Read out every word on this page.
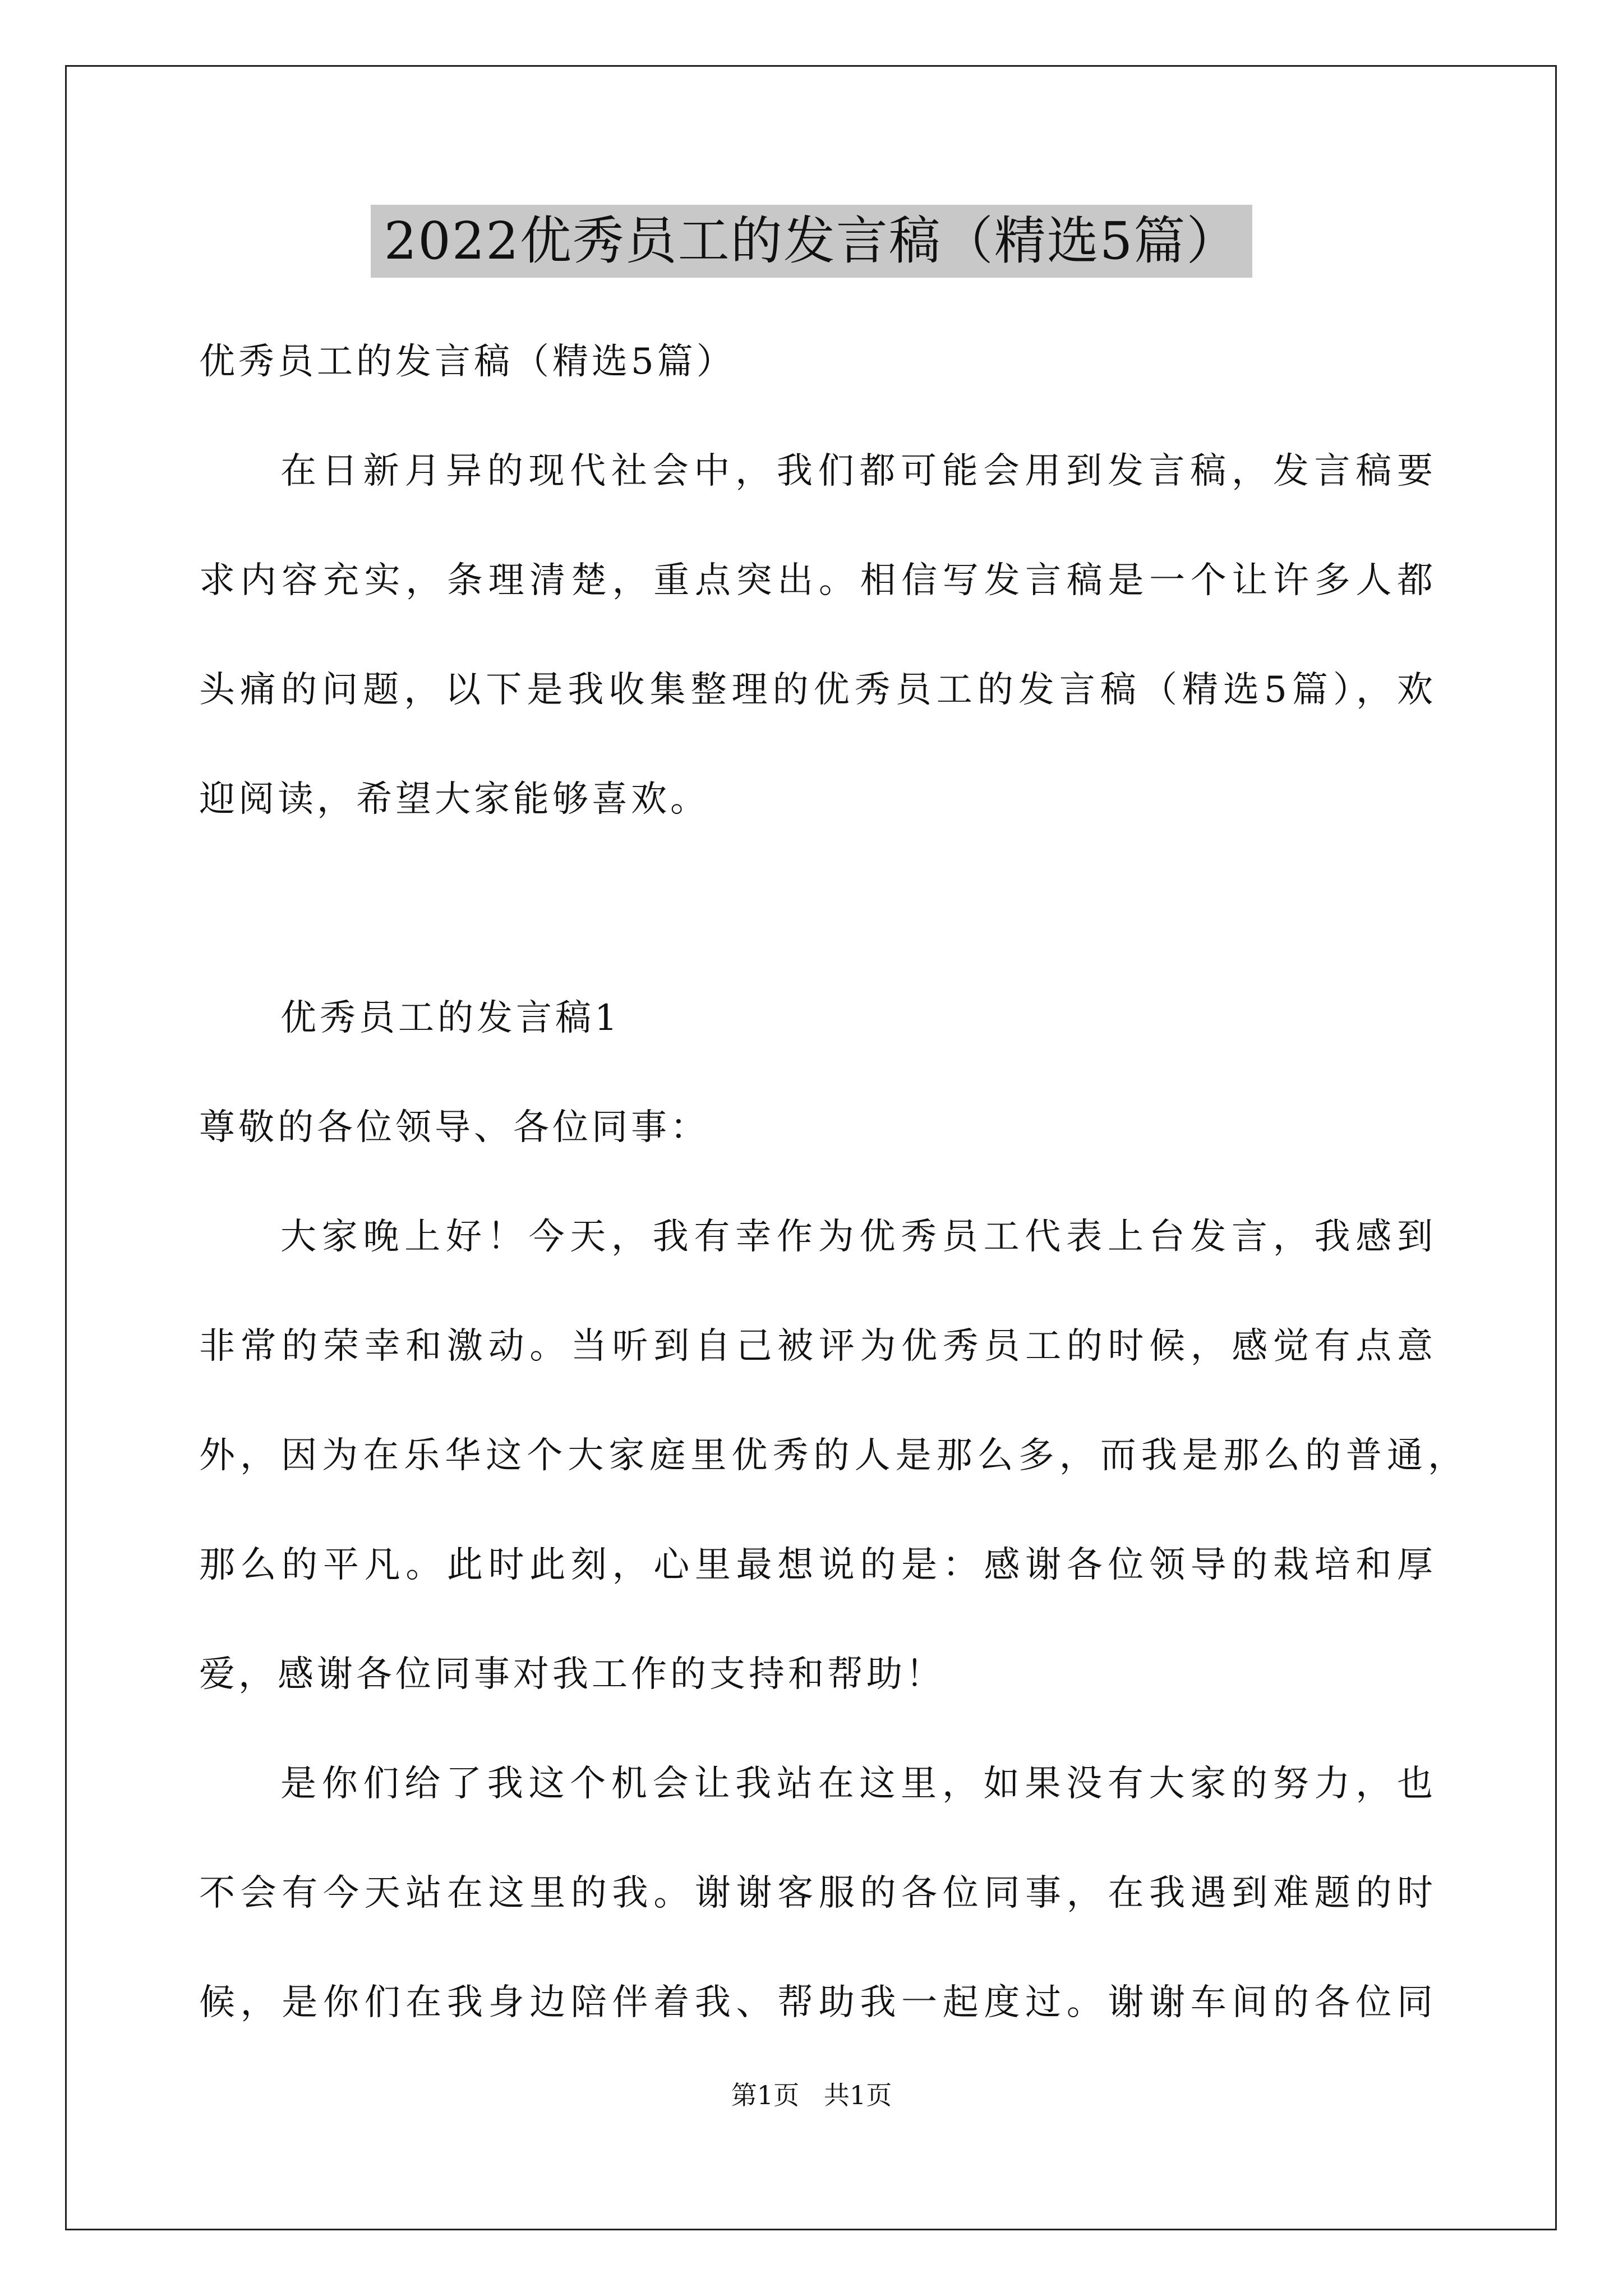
2022优秀员工的发言稿（精选5篇）
优秀员工的发言稿（精选5篇）
在日新月异的现代社会中，我们都可能会用到发言稿，发言稿要
求内容充实，条理清楚，重点突出。相信写发言稿是一个让许多人都
头痛的问题，以下是我收集整理的优秀员工的发言稿（精选5篇），欢
迎阅读，希望大家能够喜欢。
优秀员工的发言稿1
尊敬的各位领导、各位同事：
大家晚上好！今天，我有幸作为优秀员工代表上台发言，我感到
非常的荣幸和激动。当听到自己被评为优秀员工的时候，感觉有点意
外，因为在乐华这个大家庭里优秀的人是那么多，而我是那么的普通，
那么的平凡。此时此刻，心里最想说的是：感谢各位领导的栽培和厚
爱，感谢各位同事对我工作的支持和帮助！
是你们给了我这个机会让我站在这里，如果没有大家的努力，也
不会有今天站在这里的我。谢谢客服的各位同事，在我遇到难题的时
候，是你们在我身边陪伴着我、帮助我一起度过。谢谢车间的各位同
第1页   共1页
